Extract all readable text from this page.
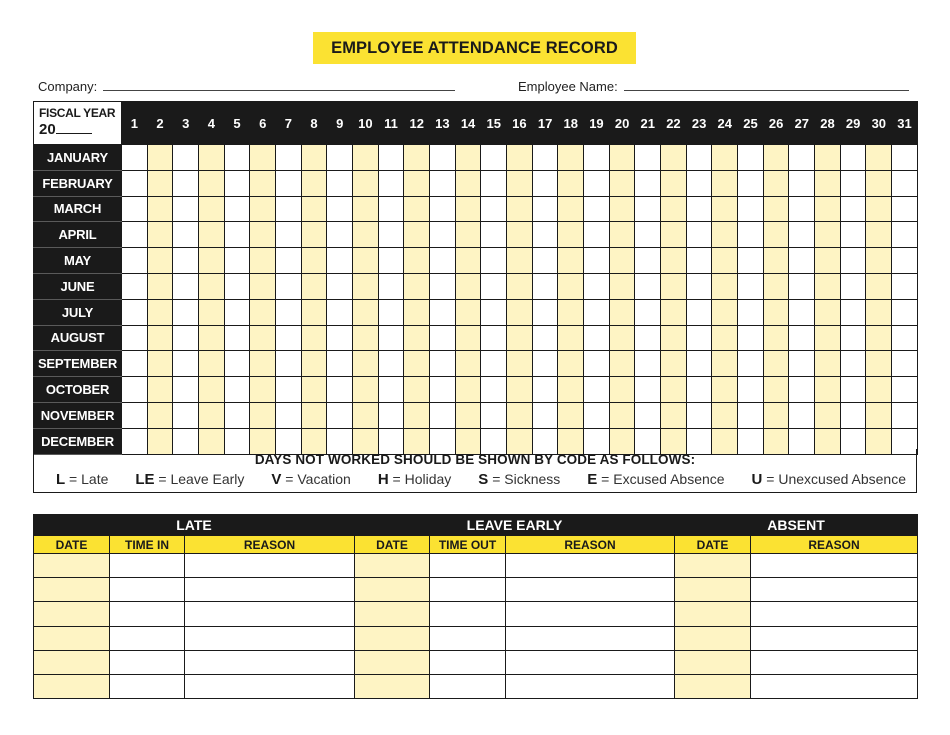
EMPLOYEE ATTENDANCE RECORD
Company:	Employee Name:
FISCAL YEAR
20	1	2	3	4	5	6	7	8	9	10	11	12	13	14	15	16	17	18	19	20	21	22	23	24	25	26	27	28	29	30	31
JANUARY																															
FEBRUARY																															
MARCH																															
APRIL																															
MAY																															
JUNE																															
JULY																															
AUGUST																															
SEPTEMBER																															
OCTOBER																															
NOVEMBER																															
DECEMBER																															
DAYS NOT WORKED SHOULD BE SHOWN BY CODE AS FOLLOWS:
L = Late LE = Leave Early V = Vacation H = Holiday S = Sickness E = Excused Absence U = Unexcused Absence
LATE			LEAVE EARLY			ABSENT	
DATE	TIME IN	REASON	DATE	TIME OUT	REASON	DATE	REASON
